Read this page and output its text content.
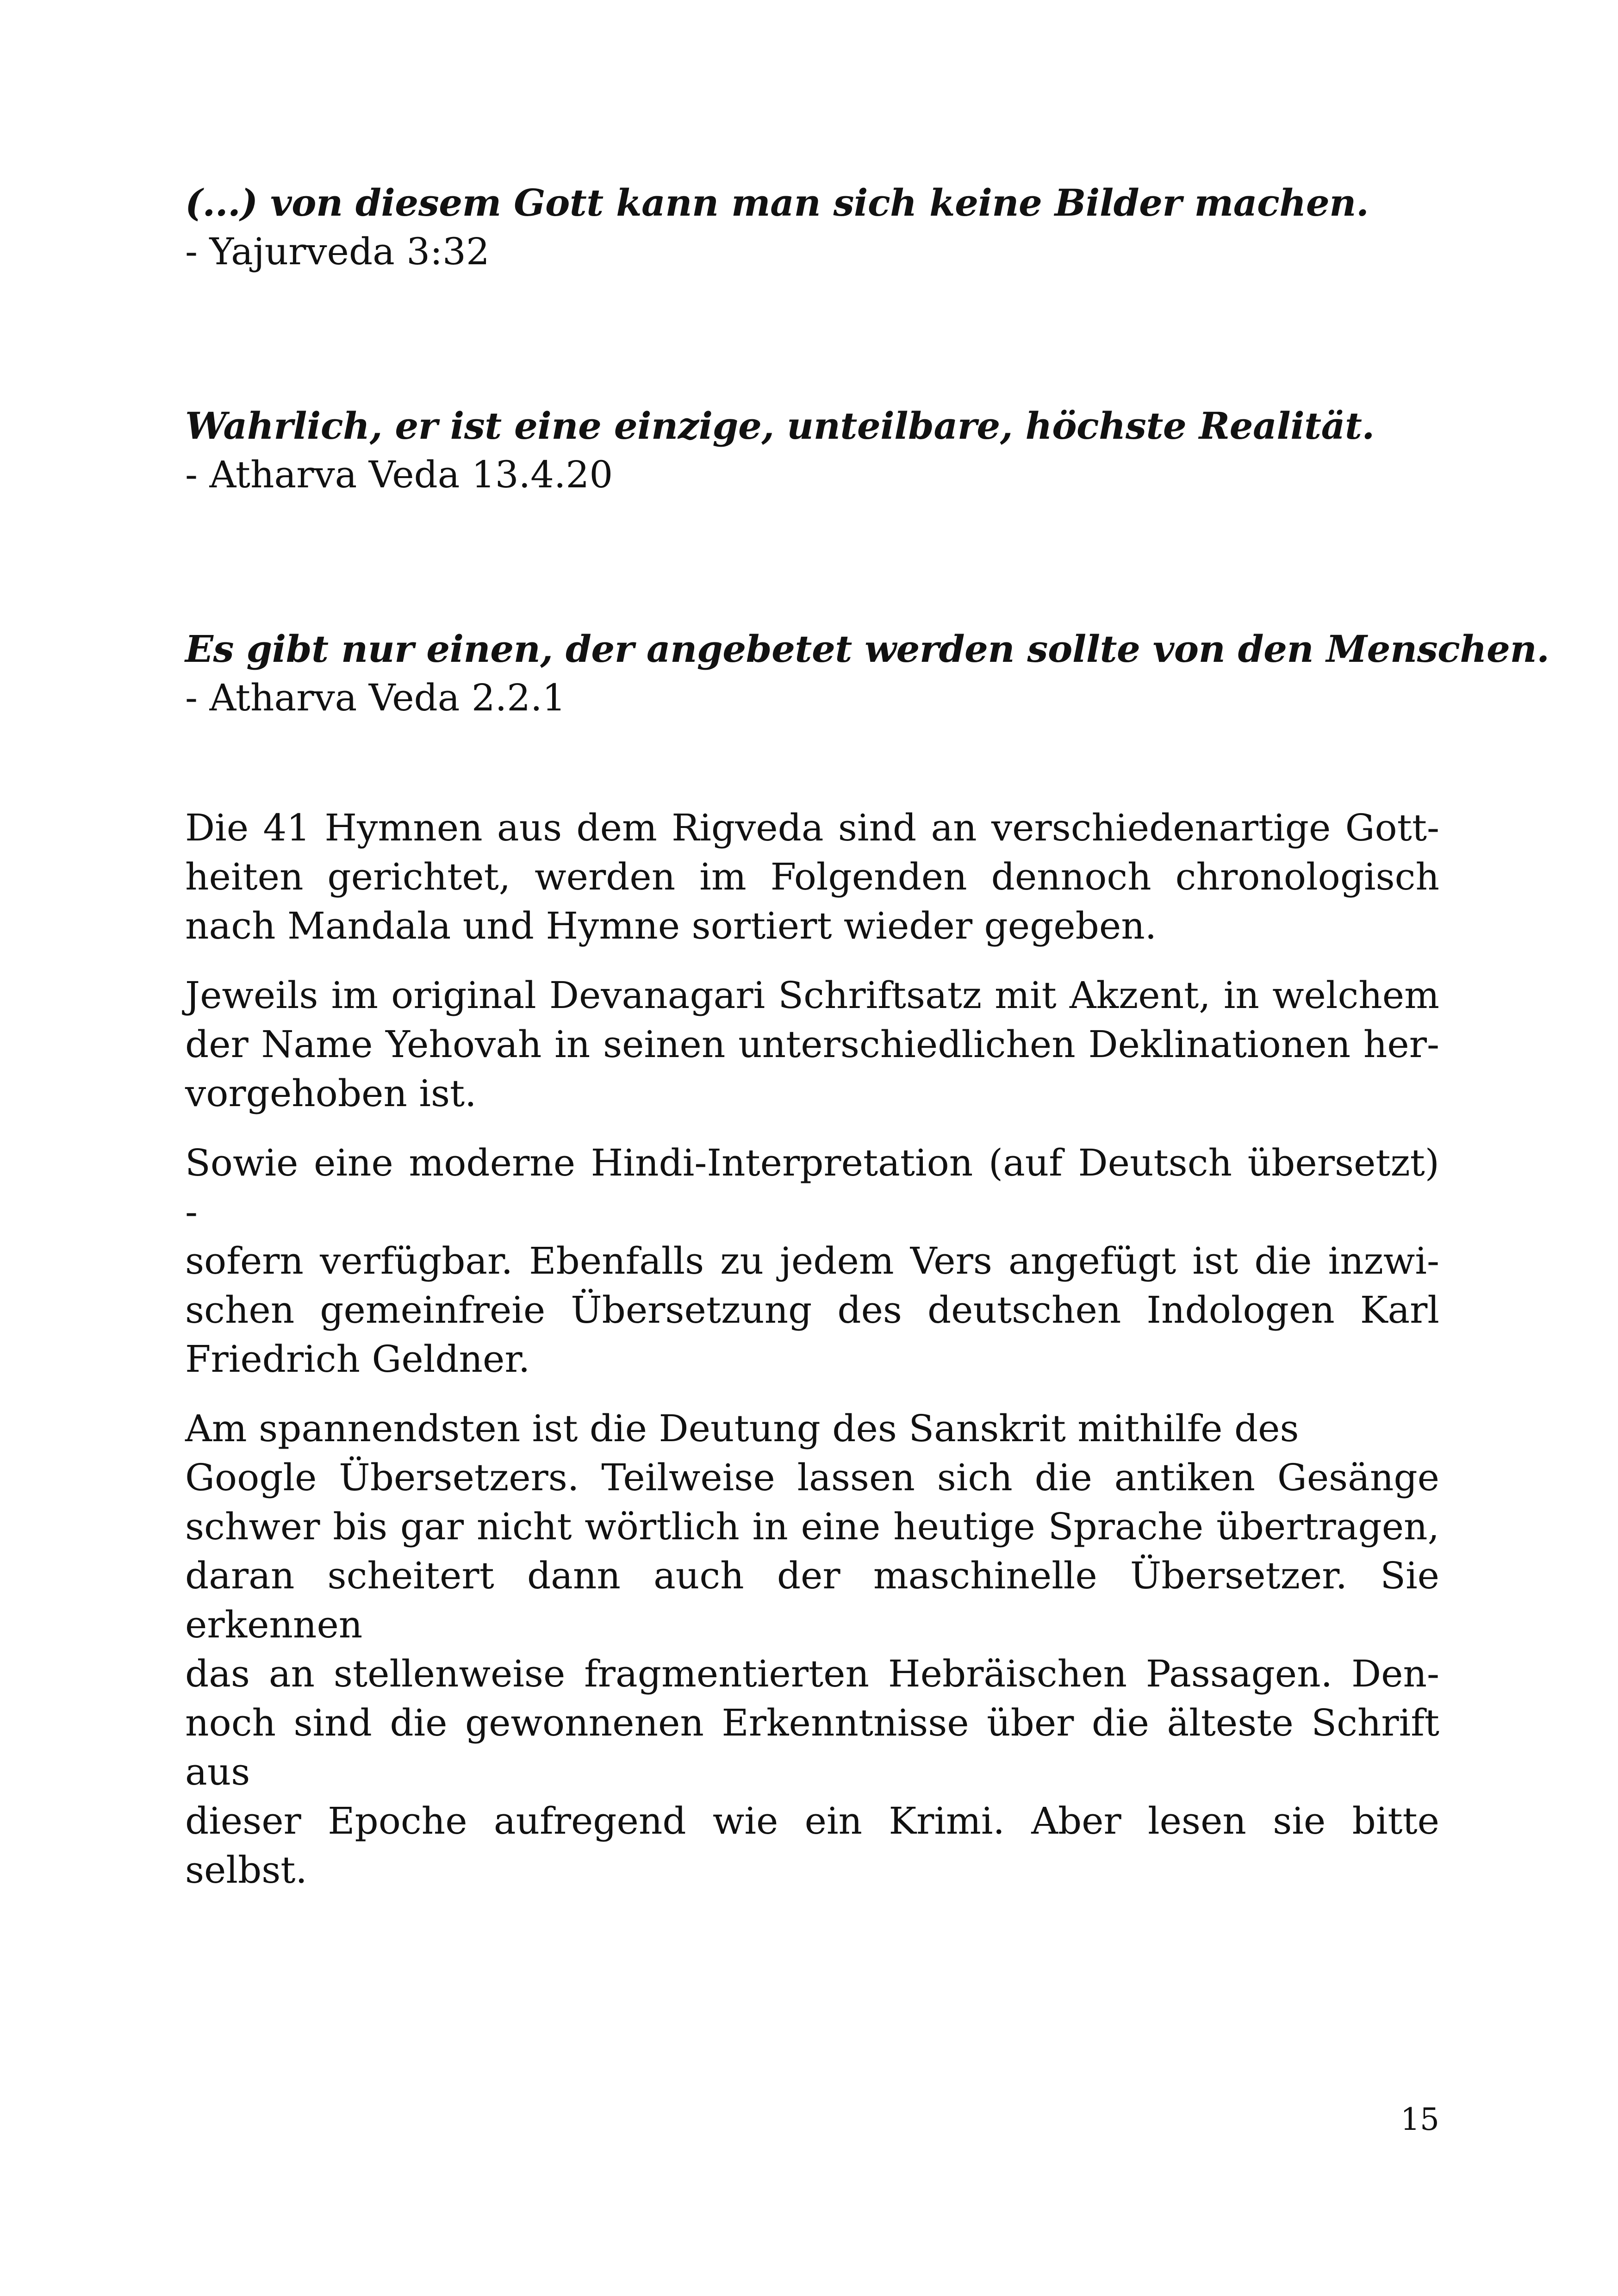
(...) von diesem Gott kann man sich keine Bilder machen.
- Yajurveda 3:32
Wahrlich, er ist eine einzige, unteilbare, höchste Realität.
- Atharva Veda 13.4.20
Es gibt nur einen, der angebetet werden sollte von den Menschen.
- Atharva Veda 2.2.1
Die 41 Hymnen aus dem Rigveda sind an verschiedenartige Gott-
heiten gerichtet, werden im Folgenden dennoch chronologisch
nach Mandala und Hymne sortiert wieder gegeben.
Jeweils im original Devanagari Schriftsatz mit Akzent, in welchem
der Name Yehovah in seinen unterschiedlichen Deklinationen her-
vorgehoben ist.
Sowie eine moderne Hindi-Interpretation (auf Deutsch übersetzt) -
sofern verfügbar. Ebenfalls zu jedem Vers angefügt ist die inzwi-
schen gemeinfreie Übersetzung des deutschen Indologen Karl
Friedrich Geldner.
Am spannendsten ist die Deutung des Sanskrit mithilfe des
Google Übersetzers. Teilweise lassen sich die antiken Gesänge
schwer bis gar nicht wörtlich in eine heutige Sprache übertragen,
daran scheitert dann auch der maschinelle Übersetzer. Sie erkennen
das an stellenweise fragmentierten Hebräischen Passagen. Den-
noch sind die gewonnenen Erkenntnisse über die älteste Schrift aus
dieser Epoche aufregend wie ein Krimi. Aber lesen sie bitte selbst.
15
